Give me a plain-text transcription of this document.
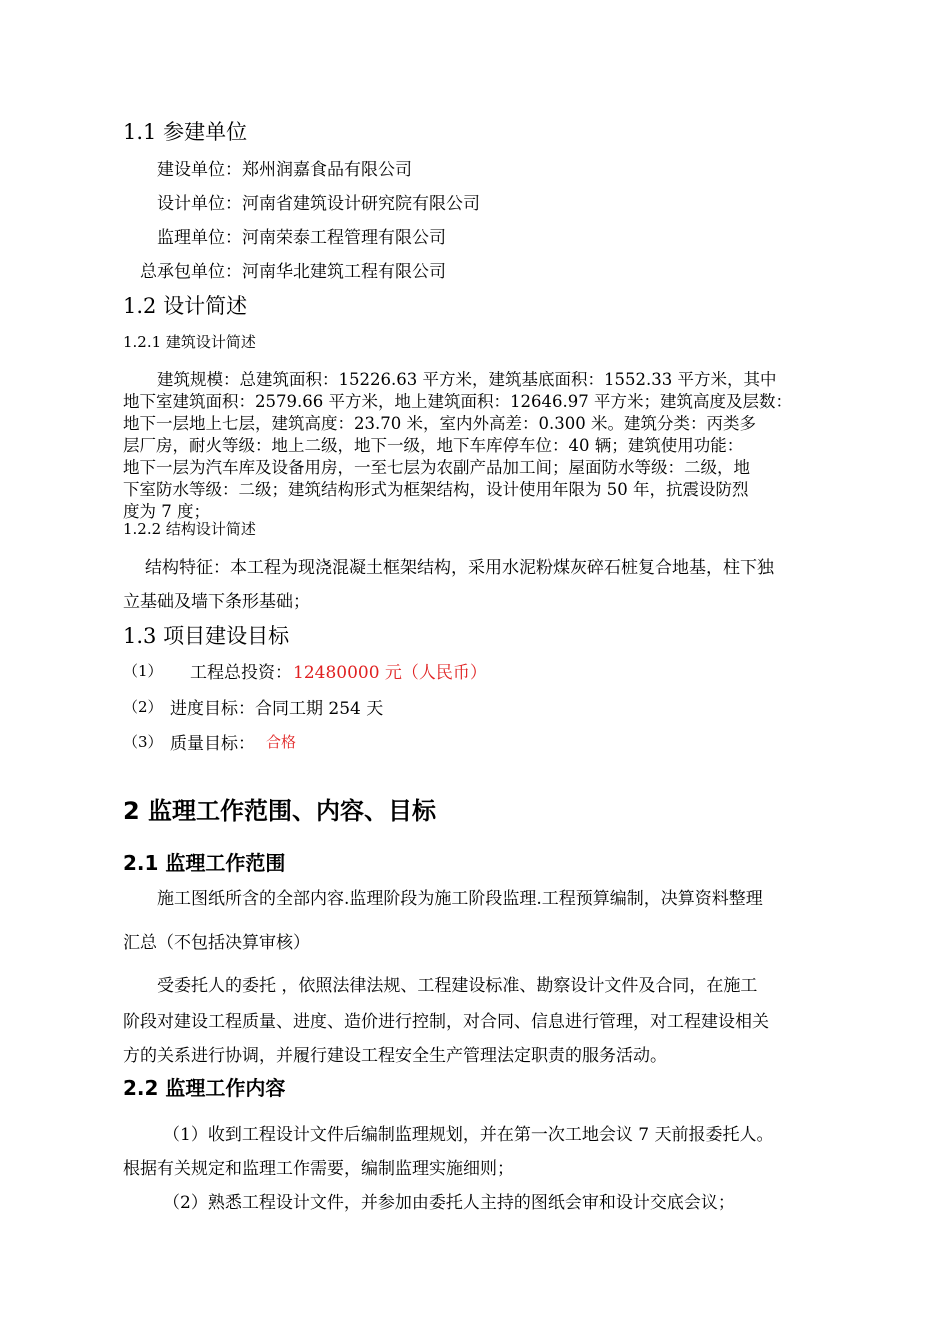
1.1 参建单位
建设单位：郑州润嘉食品有限公司
设计单位：河南省建筑设计研究院有限公司
监理单位：河南荣泰工程管理有限公司
总承包单位：河南华北建筑工程有限公司
1.2 设计简述
1.2.1 建筑设计简述
建筑规模：总建筑面积：15226.63 平方米，建筑基底面积：1552.33 平方米，其中
地下室建筑面积：2579.66 平方米，地上建筑面积：12646.97 平方米；建筑高度及层数：
地下一层地上七层，建筑高度：23.70 米，室内外高差：0.300 米。建筑分类：丙类多
层厂房，耐火等级：地上二级，地下一级，地下车库停车位：40 辆；建筑使用功能：
地下一层为汽车库及设备用房，一至七层为农副产品加工间；屋面防水等级：二级，地
下室防水等级：二级；建筑结构形式为框架结构，设计使用年限为 50 年，抗震设防烈
度为 7 度；
1.2.2 结构设计简述
结构特征：本工程为现浇混凝土框架结构，采用水泥粉煤灰碎石桩复合地基，柱下独
立基础及墙下条形基础；
1.3 项目建设目标
（1） 工程总投资： 12480000 元（人民币）
（2） 进度目标：合同工期 254 天
（3） 质量目标： 合格
2 监理工作范围、内容、目标
2.1 监理工作范围
施工图纸所含的全部内容.监理阶段为施工阶段监理.工程预算编制，决算资料整理
汇总（不包括决算审核）
受委托人的委托 ，依照法律法规、工程建设标准、勘察设计文件及合同，在施工
阶段对建设工程质量、进度、造价进行控制，对合同、信息进行管理，对工程建设相关
方的关系进行协调，并履行建设工程安全生产管理法定职责的服务活动。
2.2 监理工作内容
（1）收到工程设计文件后编制监理规划，并在第一次工地会议 7 天前报委托人。
根据有关规定和监理工作需要，编制监理实施细则；
（2）熟悉工程设计文件，并参加由委托人主持的图纸会审和设计交底会议；
